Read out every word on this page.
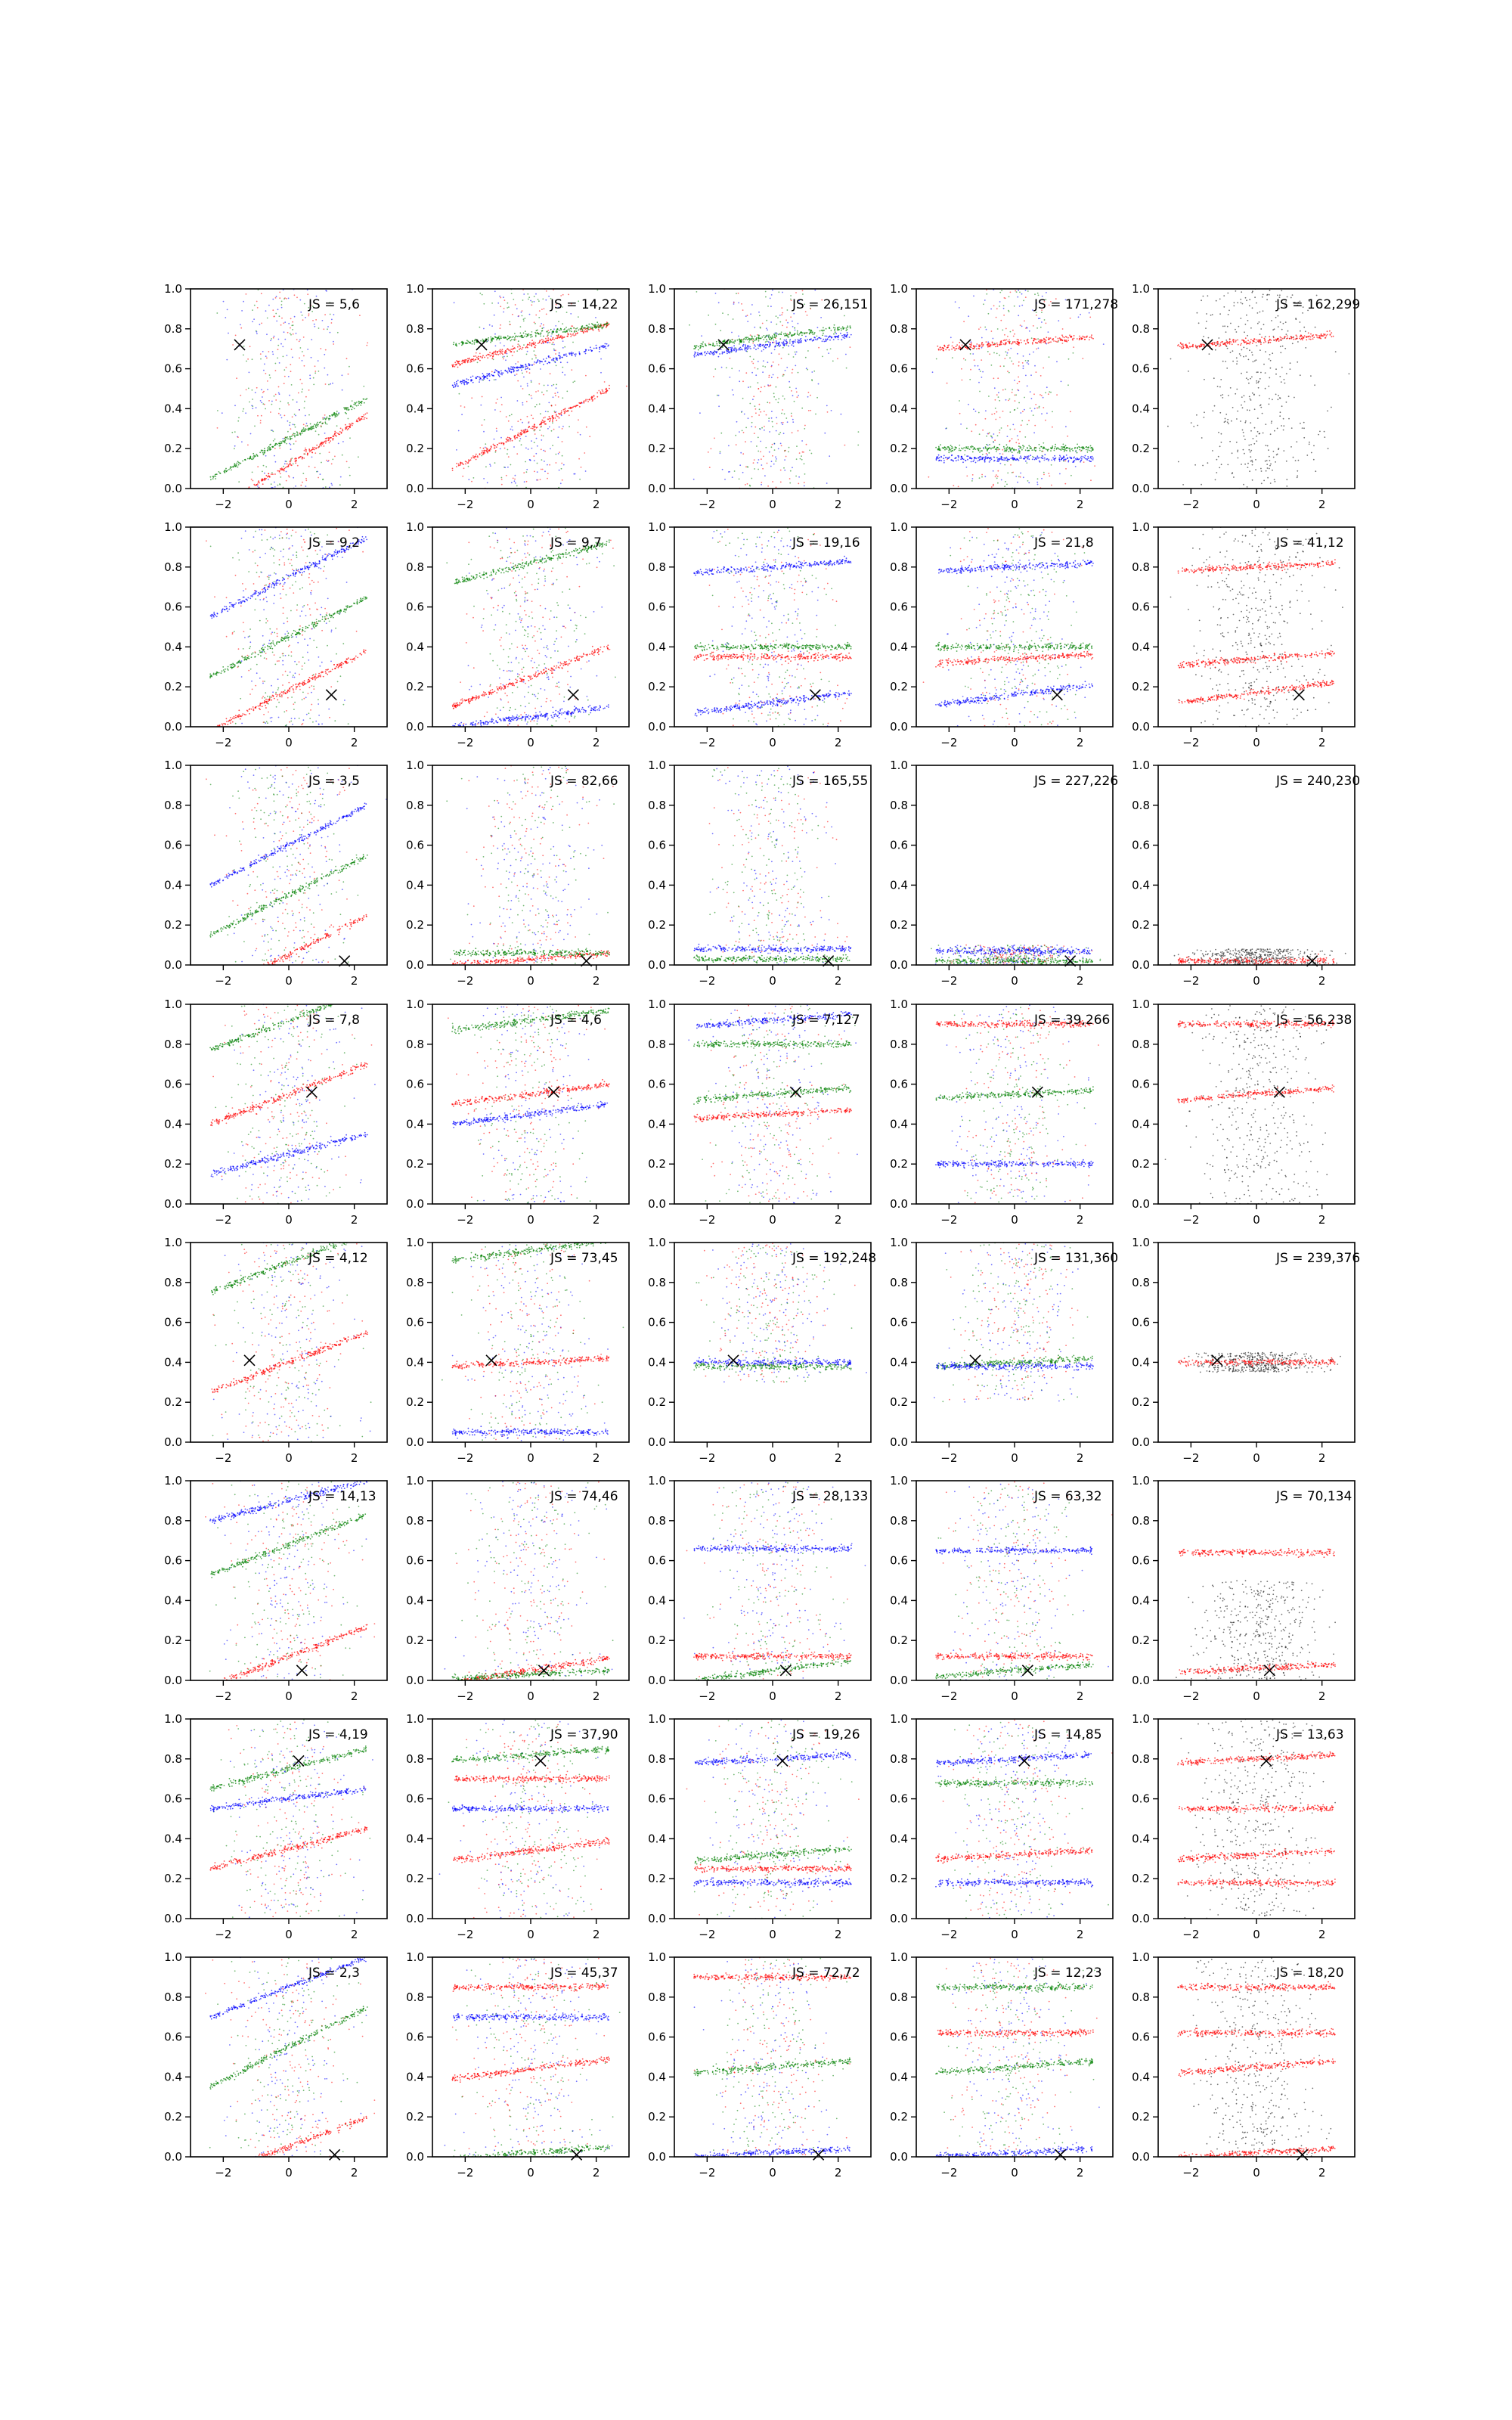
−2	0	2
0.0
0.2
0.4
0.6
0.8
1.0
JS = 5,6
−2	0	2
0.0
0.2
0.4
0.6
0.8
1.0
JS = 14,22
−2	0	2
0.0
0.2
0.4
0.6
0.8
1.0
JS = 26,151
−2	0	2
0.0
0.2
0.4
0.6
0.8
1.0
JS = 171,278
−2	0	2
0.0
0.2
0.4
0.6
0.8
1.0
JS = 162,299
−2	0	2
0.0
0.2
0.4
0.6
0.8
1.0
JS = 9,2
−2	0	2
0.0
0.2
0.4
0.6
0.8
1.0
JS = 9,7
−2	0	2
0.0
0.2
0.4
0.6
0.8
1.0
JS = 19,16
−2	0	2
0.0
0.2
0.4
0.6
0.8
1.0
JS = 21,8
−2	0	2
0.0
0.2
0.4
0.6
0.8
1.0
JS = 41,12
−2	0	2
0.0
0.2
0.4
0.6
0.8
1.0
JS = 3,5
−2	0	2
0.0
0.2
0.4
0.6
0.8
1.0
JS = 82,66
−2	0	2
0.0
0.2
0.4
0.6
0.8
1.0
JS = 165,55
−2	0	2
0.0
0.2
0.4
0.6
0.8
1.0
JS = 227,226
−2	0	2
0.0
0.2
0.4
0.6
0.8
1.0
JS = 240,230
−2	0	2
0.0
0.2
0.4
0.6
0.8
1.0
JS = 7,8
−2	0	2
0.0
0.2
0.4
0.6
0.8
1.0
JS = 4,6
−2	0	2
0.0
0.2
0.4
0.6
0.8
1.0
JS = 7,127
−2	0	2
0.0
0.2
0.4
0.6
0.8
1.0
JS = 39,266
−2	0	2
0.0
0.2
0.4
0.6
0.8
1.0
JS = 56,238
−2	0	2
0.0
0.2
0.4
0.6
0.8
1.0
JS = 4,12
−2	0	2
0.0
0.2
0.4
0.6
0.8
1.0
JS = 73,45
−2	0	2
0.0
0.2
0.4
0.6
0.8
1.0
JS = 192,248
−2	0	2
0.0
0.2
0.4
0.6
0.8
1.0
JS = 131,360
−2	0	2
0.0
0.2
0.4
0.6
0.8
1.0
JS = 239,376
−2	0	2
0.0
0.2
0.4
0.6
0.8
1.0
JS = 14,13
−2	0	2
0.0
0.2
0.4
0.6
0.8
1.0
JS = 74,46
−2	0	2
0.0
0.2
0.4
0.6
0.8
1.0
JS = 28,133
−2	0	2
0.0
0.2
0.4
0.6
0.8
1.0
JS = 63,32
−2	0	2
0.0
0.2
0.4
0.6
0.8
1.0
JS = 70,134
−2	0	2
0.0
0.2
0.4
0.6
0.8
1.0
JS = 4,19
−2	0	2
0.0
0.2
0.4
0.6
0.8
1.0
JS = 37,90
−2	0	2
0.0
0.2
0.4
0.6
0.8
1.0
JS = 19,26
−2	0	2
0.0
0.2
0.4
0.6
0.8
1.0
JS = 14,85
−2	0	2
0.0
0.2
0.4
0.6
0.8
1.0
JS = 13,63
−2	0	2
0.0
0.2
0.4
0.6
0.8
1.0
JS = 2,3
−2	0	2
0.0
0.2
0.4
0.6
0.8
1.0
JS = 45,37
−2	0	2
0.0
0.2
0.4
0.6
0.8
1.0
JS = 72,72
−2	0	2
0.0
0.2
0.4
0.6
0.8
1.0
JS = 12,23
−2	0	2
0.0
0.2
0.4
0.6
0.8
1.0
JS = 18,20
